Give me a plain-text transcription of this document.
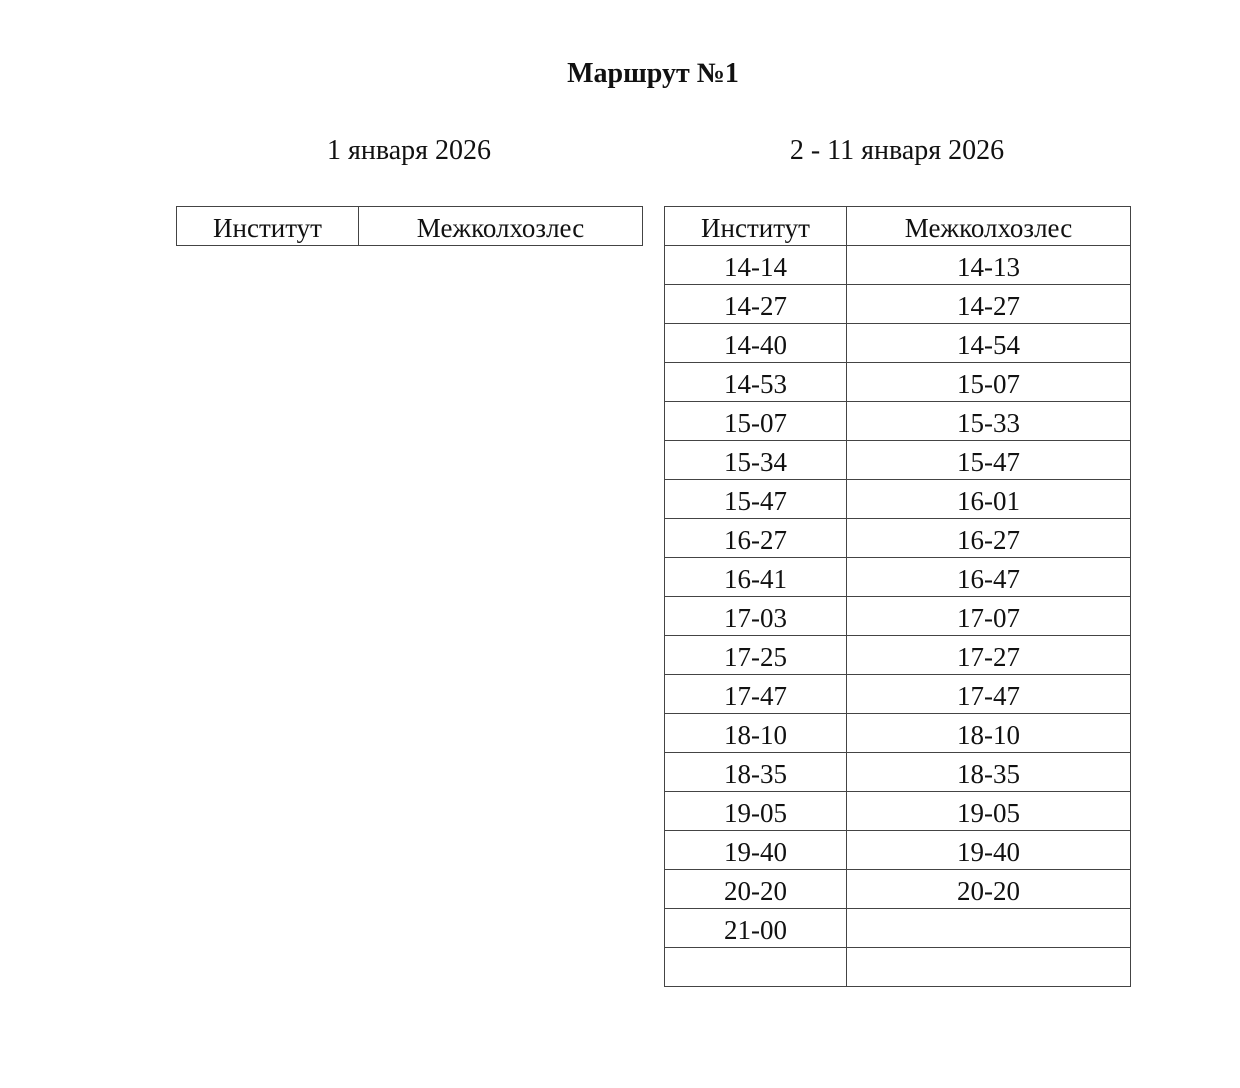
Маршрут №1

1 января 2026	2 - 11 января 2026

Институт	Межколхозлес	Институт	Межколхозлес
14-14	14-13
14-27	14-27
14-40	14-54
14-53	15-07
15-07	15-33
15-34	15-47
15-47	16-01
16-27	16-27
16-41	16-47
17-03	17-07
17-25	17-27
17-47	17-47
18-10	18-10
18-35	18-35
19-05	19-05
19-40	19-40
20-20	20-20
21-00	
